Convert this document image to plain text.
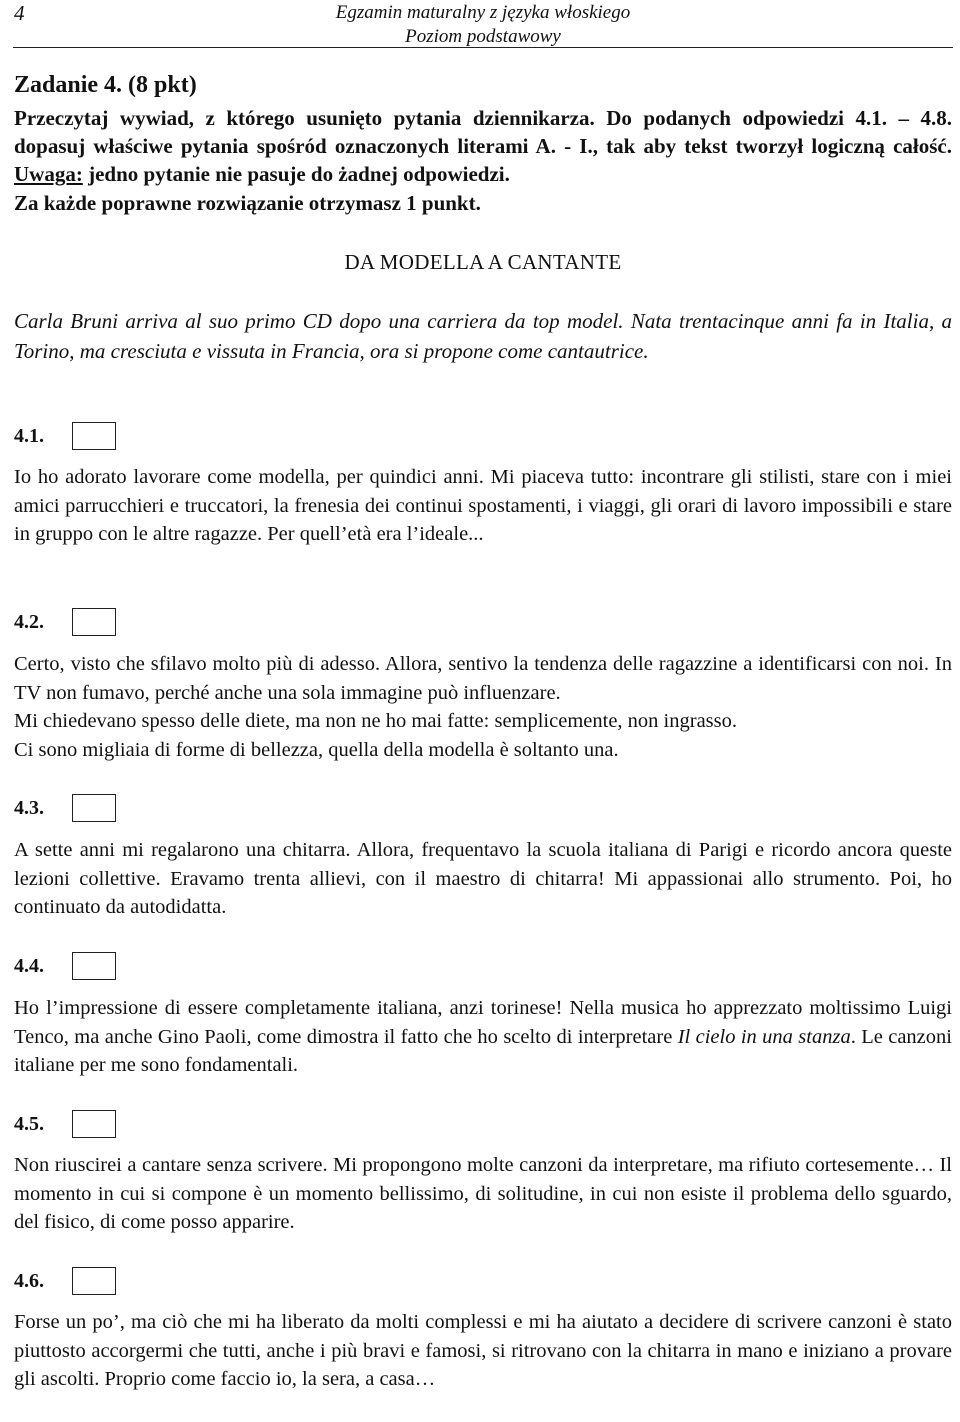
4	Egzamin maturalny z języka włoskiego
Poziom podstawowy
Zadanie 4. (8 pkt)
Przeczytaj wywiad, z którego usunięto pytania dziennikarza. Do podanych odpowiedzi 4.1. – 4.8. dopasuj właściwe pytania spośród oznaczonych literami A. - I., tak aby tekst tworzył logiczną całość. Uwaga: jedno pytanie nie pasuje do żadnej odpowiedzi.
Za każde poprawne rozwiązanie otrzymasz 1 punkt.
DA MODELLA A CANTANTE
Carla Bruni arriva al suo primo CD dopo una carriera da top model. Nata trentacinque anni fa in Italia, a Torino, ma cresciuta e vissuta in Francia, ora si propone come cantautrice.
4.1.
Io ho adorato lavorare come modella, per quindici anni. Mi piaceva tutto: incontrare gli stilisti, stare con i miei amici parrucchieri e truccatori, la frenesia dei continui spostamenti, i viaggi, gli orari di lavoro impossibili e stare in gruppo con le altre ragazze. Per quell’età era l’ideale...
4.2.
Certo, visto che sfilavo molto più di adesso. Allora, sentivo la tendenza delle ragazzine a identificarsi con noi. In TV non fumavo, perché anche una sola immagine può influenzare.
Mi chiedevano spesso delle diete, ma non ne ho mai fatte: semplicemente, non ingrasso.
Ci sono migliaia di forme di bellezza, quella della modella è soltanto una.
4.3.
A sette anni mi regalarono una chitarra. Allora, frequentavo la scuola italiana di Parigi e ricordo ancora queste lezioni collettive. Eravamo trenta allievi, con il maestro di chitarra! Mi appassionai allo strumento. Poi, ho continuato da autodidatta.
4.4.
Ho l’impressione di essere completamente italiana, anzi torinese! Nella musica ho apprezzato moltissimo Luigi Tenco, ma anche Gino Paoli, come dimostra il fatto che ho scelto di interpretare Il cielo in una stanza. Le canzoni italiane per me sono fondamentali.
4.5.
Non riuscirei a cantare senza scrivere. Mi propongono molte canzoni da interpretare, ma rifiuto cortesemente… Il momento in cui si compone è un momento bellissimo, di solitudine, in cui non esiste il problema dello sguardo, del fisico, di come posso apparire.
4.6.
Forse un po’, ma ciò che mi ha liberato da molti complessi e mi ha aiutato a decidere di scrivere canzoni è stato piuttosto accorgermi che tutti, anche i più bravi e famosi, si ritrovano con la chitarra in mano e iniziano a provare gli ascolti. Proprio come faccio io, la sera, a casa…
